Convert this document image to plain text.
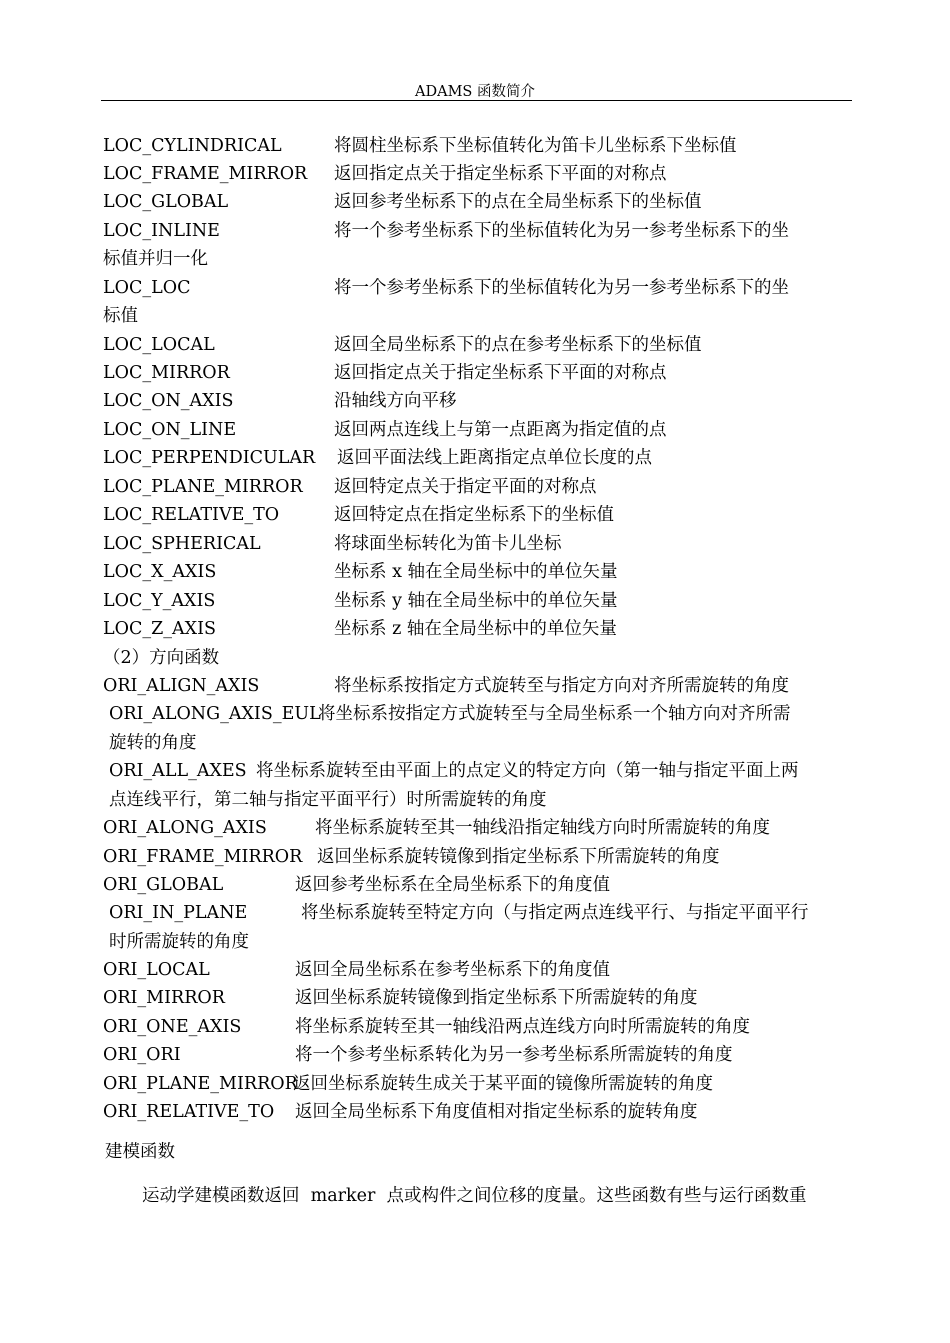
ADAMS 函数简介
LOC_CYLINDRICAL	将圆柱坐标系下坐标值转化为笛卡儿坐标系下坐标值
LOC_FRAME_MIRROR 返回指定点关于指定坐标系下平面的对称点
LOC_GLOBAL	返回参考坐标系下的点在全局坐标系下的坐标值
LOC_INLINE	将一个参考坐标系下的坐标值转化为另一参考坐标系下的坐
标值并归一化
LOC_LOC	将一个参考坐标系下的坐标值转化为另一参考坐标系下的坐
标值
LOC_LOCAL	返回全局坐标系下的点在参考坐标系下的坐标值
LOC_MIRROR	返回指定点关于指定坐标系下平面的对称点
LOC_ON_AXIS	沿轴线方向平移
LOC_ON_LINE	返回两点连线上与第一点距离为指定值的点
LOC_PERPENDICULAR 返回平面法线上距离指定点单位长度的点
LOC_PLANE_MIRROR 返回特定点关于指定平面的对称点
LOC_RELATIVE_TO	返回特定点在指定坐标系下的坐标值
LOC_SPHERICAL	将球面坐标转化为笛卡儿坐标
LOC_X_AXIS	坐标系 x 轴在全局坐标中的单位矢量
LOC_Y_AXIS	坐标系 y 轴在全局坐标中的单位矢量
LOC_Z_AXIS	坐标系 z 轴在全局坐标中的单位矢量
（2）方向函数
ORI_ALIGN_AXIS	将坐标系按指定方式旋转至与指定方向对齐所需旋转的角度
ORI_ALONG_AXIS_EUL
将坐标系按指定方式旋转至与全局坐标系一个轴方向对齐所需
旋转的角度
ORI_ALL_AXES 将坐标系旋转至由平面上的点定义的特定方向（第一轴与指定平面上两
点连线平行，第二轴与指定平面平行）时所需旋转的角度
ORI_ALONG_AXIS	将坐标系旋转至其一轴线沿指定轴线方向时所需旋转的角度
ORI_FRAME_MIRROR 返回坐标系旋转镜像到指定坐标系下所需旋转的角度
ORI_GLOBAL	返回参考坐标系在全局坐标系下的角度值
ORI_IN_PLANE	将坐标系旋转至特定方向（与指定两点连线平行、与指定平面平行
时所需旋转的角度
ORI_LOCAL	返回全局坐标系在参考坐标系下的角度值
ORI_MIRROR	返回坐标系旋转镜像到指定坐标系下所需旋转的角度
ORI_ONE_AXIS	将坐标系旋转至其一轴线沿两点连线方向时所需旋转的角度
ORI_ORI	将一个参考坐标系转化为另一参考坐标系所需旋转的角度
ORI_PLANE_MIRROR
返回坐标系旋转生成关于某平面的镜像所需旋转的角度
ORI_RELATIVE_TO 返回全局坐标系下角度值相对指定坐标系的旋转角度
建模函数
运动学建模函数返回  marker  点或构件之间位移的度量。这些函数有些与运行函数重
